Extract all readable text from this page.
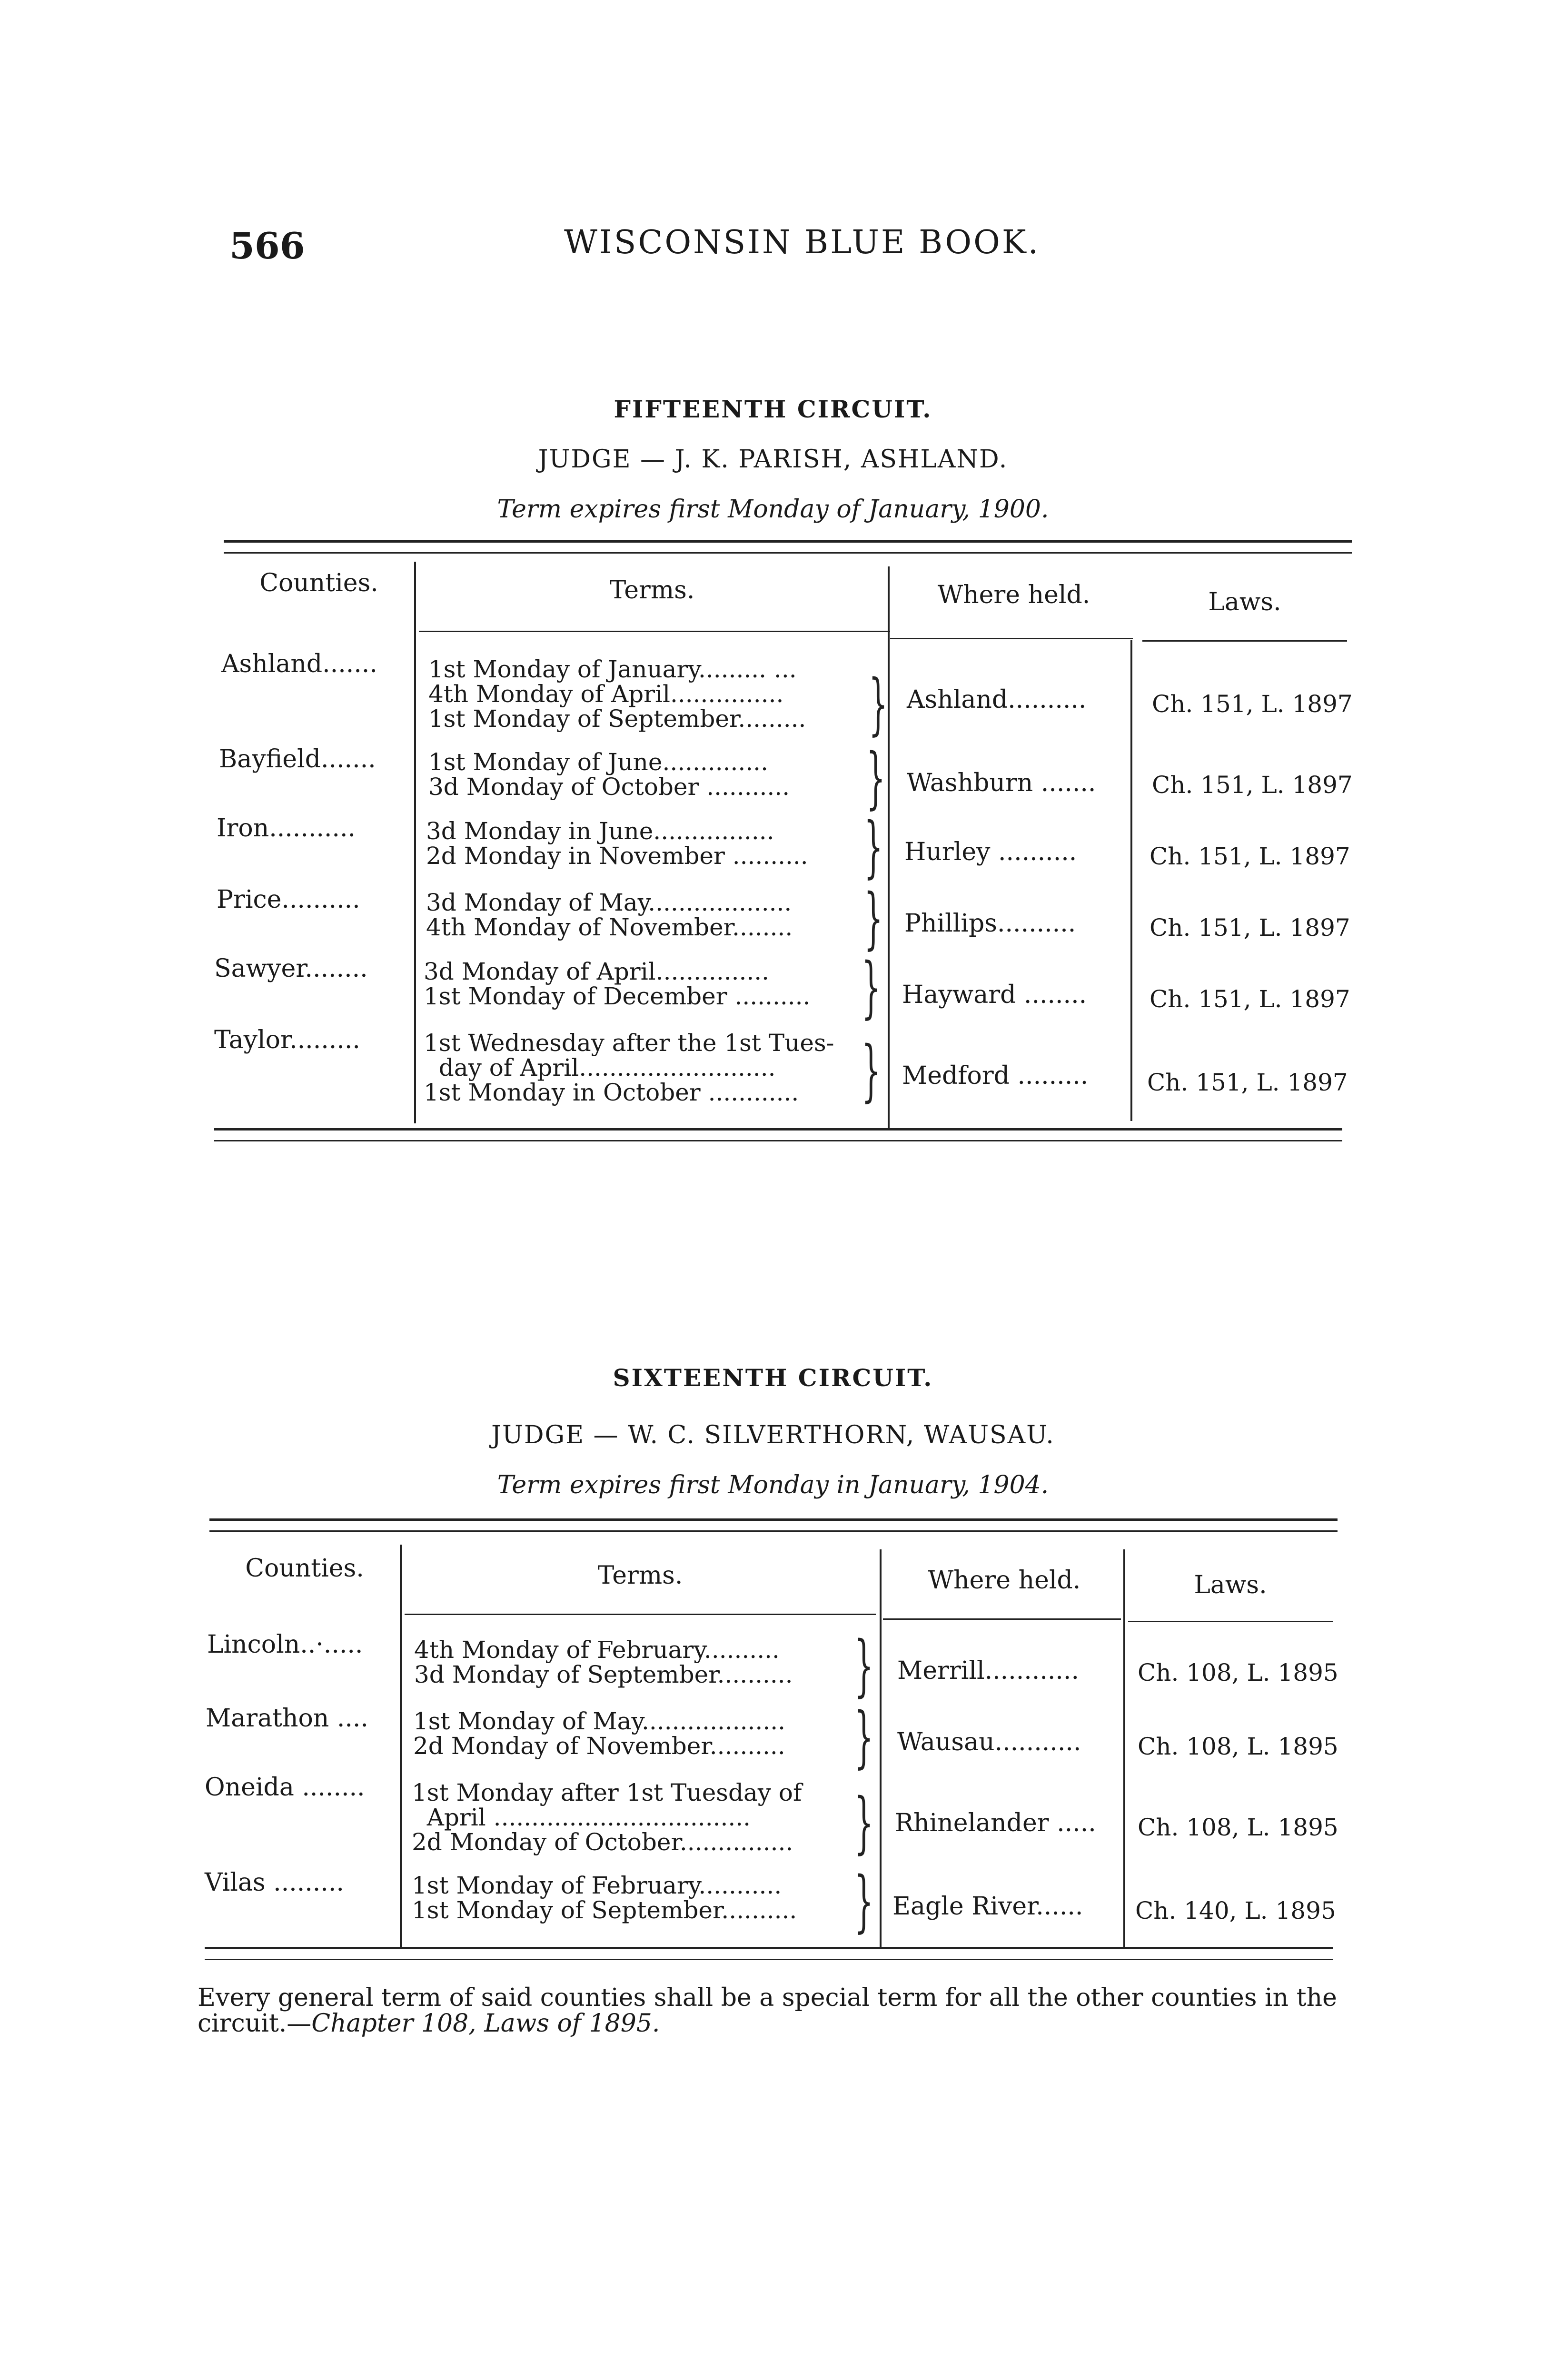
566	WISCONSIN BLUE BOOK.
FIFTEENTH CIRCUIT.
JUDGE — J. K. PARISH, ASHLAND.
Term expires first Monday of January, 1900.
Counties.	Terms.	Where held.	Laws.
Ashland....... 1st Monday of January......... ...
4th Monday of April...............
1st Monday of September......... } Ashland..........	Ch. 151, L. 1897
Bayfield....... 1st Monday of June..............
3d Monday of October ........... } Washburn ....... Ch. 151, L. 1897
Iron...........	3d Monday in June................
2d Monday in November .......... } Hurley ..........	Ch. 151, L. 1897
Price..........	3d Monday of May...................
4th Monday of November........ } Phillips..........	Ch. 151, L. 1897
Sawyer........ 3d Monday of April...............
1st Monday of December .......... } Hayward ........	Ch. 151, L. 1897
Taylor.........	1st Wednesday after the 1st Tues-
day of April..........................
1st Monday in October ............ } Medford ......... Ch. 151, L. 1897
SIXTEENTH CIRCUIT.
JUDGE — W. C. SILVERTHORN, WAUSAU.
Term expires first Monday in January, 1904.
Counties.	Terms.	Where held.	Laws.
Lincoln..·..... 4th Monday of February..........
3d Monday of September.......... } Merrill............ Ch. 108, L. 1895
Marathon .... 1st Monday of May...................
2d Monday of November.......... } Wausau........... Ch. 108, L. 1895
Oneida ........ 1st Monday after 1st Tuesday of
April ..................................
2d Monday of October............... } Rhinelander ..... Ch. 108, L. 1895
Vilas .........	1st Monday of February...........
1st Monday of September.......... } Eagle River...... Ch. 140, L. 1895
Every general term of said counties shall be a special term for all the other counties in the circuit.—Chapter 108, Laws of 1895.
